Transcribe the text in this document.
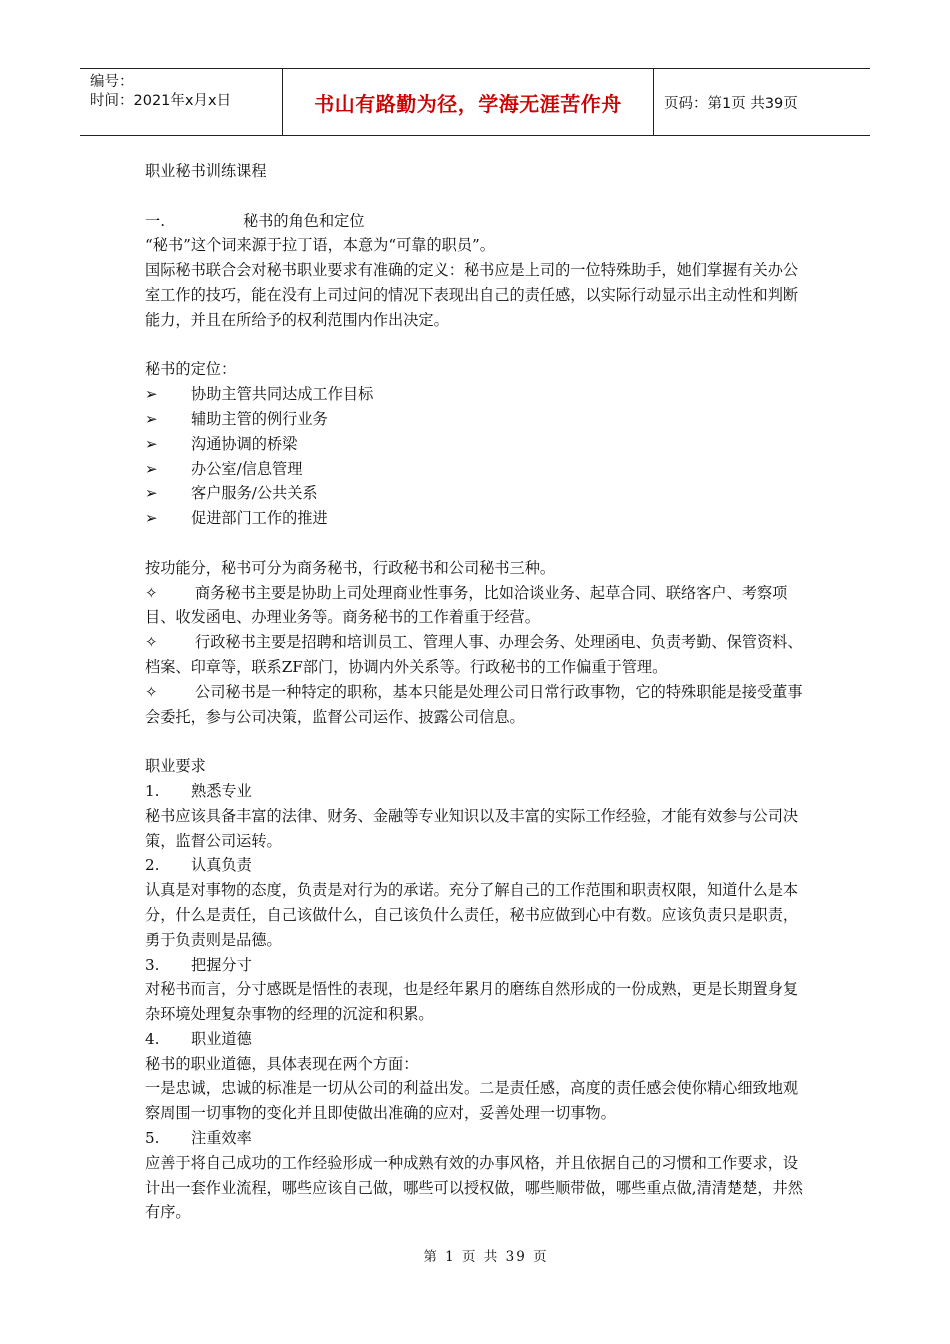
编号：
时间：2021年x月x日	书山有路勤为径，学海无涯苦作舟	页码：第1页 共39页

职业秘书训练课程

一.	秘书的角色和定位

“秘书”这个词来源于拉丁语，本意为“可靠的职员”。

国际秘书联合会对秘书职业要求有准确的定义：秘书应是上司的一位特殊助手，她们掌握有关办公室工作的技巧，能在没有上司过问的情况下表现出自己的责任感，以实际行动显示出主动性和判断能力，并且在所给予的权利范围内作出决定。

秘书的定位：

➢	协助主管共同达成工作目标
➢	辅助主管的例行业务
➢	沟通协调的桥梁
➢	办公室/信息管理
➢	客户服务/公共关系
➢	促进部门工作的推进

按功能分，秘书可分为商务秘书，行政秘书和公司秘书三种。

✧ 商务秘书主要是协助上司处理商业性事务，比如洽谈业务、起草合同、联络客户、考察项目、收发函电、办理业务等。商务秘书的工作着重于经营。

✧ 行政秘书主要是招聘和培训员工、管理人事、办理会务、处理函电、负责考勤、保管资料、档案、印章等，联系ZF部门，协调内外关系等。行政秘书的工作偏重于管理。

✧ 公司秘书是一种特定的职称，基本只能是处理公司日常行政事物，它的特殊职能是接受董事会委托，参与公司决策，监督公司运作、披露公司信息。

职业要求

1.	熟悉专业

秘书应该具备丰富的法律、财务、金融等专业知识以及丰富的实际工作经验，才能有效参与公司决策，监督公司运转。

2.	认真负责

认真是对事物的态度，负责是对行为的承诺。充分了解自己的工作范围和职责权限，知道什么是本分，什么是责任，自己该做什么，自己该负什么责任，秘书应做到心中有数。应该负责只是职责，勇于负责则是品德。

3.	把握分寸

对秘书而言，分寸感既是悟性的表现，也是经年累月的磨练自然形成的一份成熟，更是长期置身复杂环境处理复杂事物的经理的沉淀和积累。

4.	职业道德

秘书的职业道德，具体表现在两个方面：

一是忠诚，忠诚的标准是一切从公司的利益出发。二是责任感，高度的责任感会使你精心细致地观察周围一切事物的变化并且即使做出准确的应对，妥善处理一切事物。

5.	注重效率

应善于将自己成功的工作经验形成一种成熟有效的办事风格，并且依据自己的习惯和工作要求，设计出一套作业流程，哪些应该自己做，哪些可以授权做，哪些顺带做，哪些重点做,清清楚楚，井然有序。

第 1 页 共 39 页
